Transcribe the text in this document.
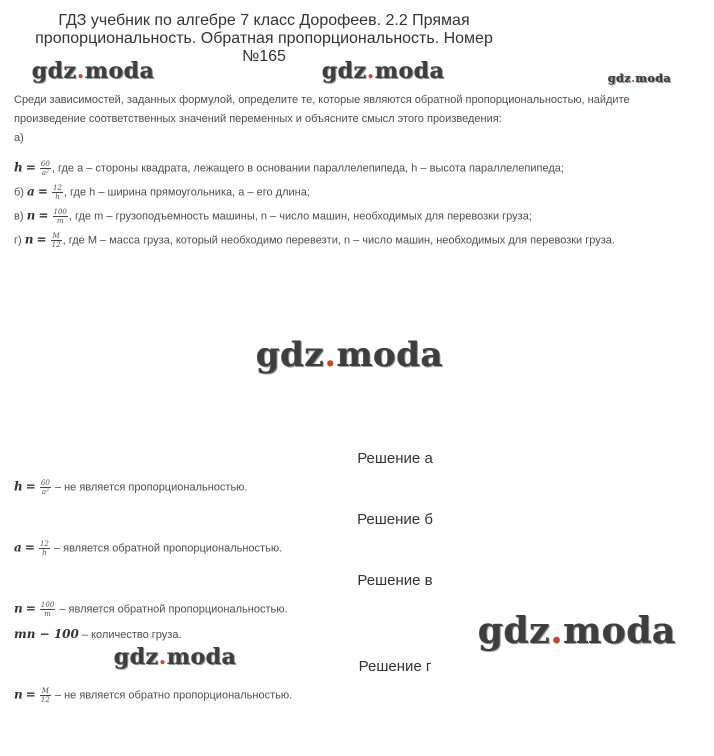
ГДЗ учебник по алгебре 7 класс Дорофеев. 2.2 Прямая пропорциональность. Обратная пропорциональность. Номер №165
gdz.moda	gdz.moda	gdz.moda
gdz.moda
gdz.moda
gdz.moda
Среди зависимостей, заданных формулой, определите те, которые являются обратной пропорциональностью, найдите произведение соответственных значений переменных и объясните смысл этого произведения:
а)
$h = \frac{60}{\text{a²}}$ , где a – стороны квадрата, лежащего в основании параллелепипеда, h – высота параллелепипеда;
б) $a = \frac{12}{h}$ , где h – ширина прямоугольника, a – его длина;
в) $n = \frac{100}{m}$ , где m – грузоподъемность машины, n – число машин, необходимых для перевозки груза;
г) $n = \frac{M}{12}$ , где M – масса груза, который необходимо перевезти, n – число машин, необходимых для перевозки груза.
Решение а
$h = \frac{60}{\text{a²}}$ – не является пропорциональностью.
Решение б
$a = \frac{12}{h}$ – является обратной пропорциональностью.
Решение в
$n = \frac{100}{m}$ – является обратной пропорциональностью.
mn − 100 – количество груза.
Решение г
$n = \frac{M}{12}$ – не является обратно пропорциональностью.
